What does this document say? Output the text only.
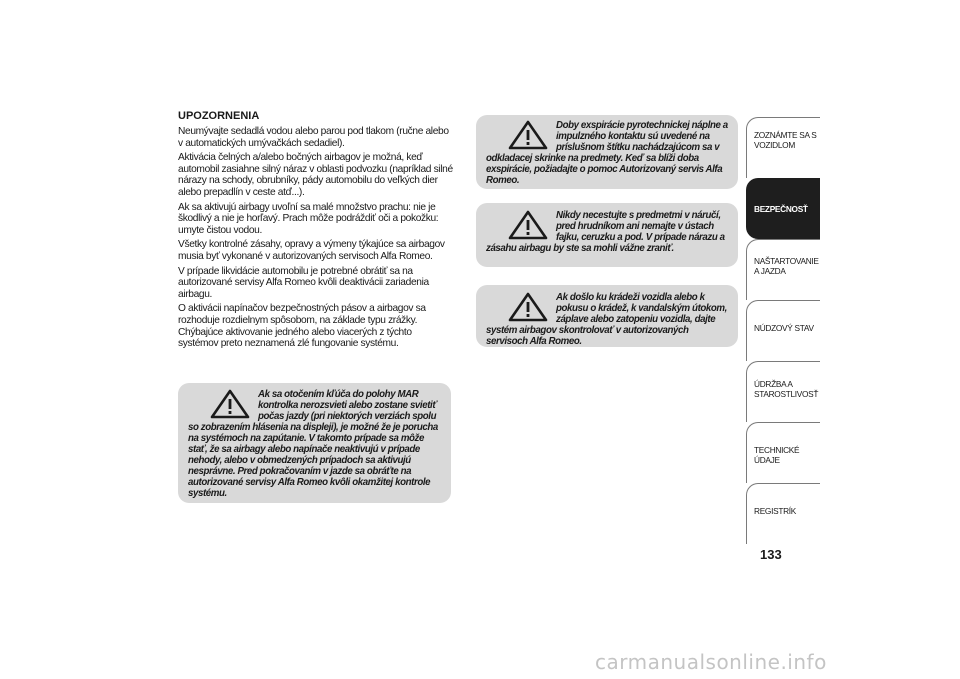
UPOZORNENIA

Neumývajte sedadlá vodou alebo parou pod tlakom (ručne alebo v automatických umývačkách sedadiel).

Aktivácia čelných a/alebo bočných airbagov je možná, keď automobil zasiahne silný náraz v oblasti podvozku (napríklad silné nárazy na schody, obrubníky, pády automobilu do veľkých dier alebo prepadlín v ceste atď...).

Ak sa aktivujú airbagy uvoľní sa malé množstvo prachu: nie je škodlivý a nie je horľavý. Prach môže podráždiť oči a pokožku: umyte čistou vodou.

Všetky kontrolné zásahy, opravy a výmeny týkajúce sa airbagov musia byť vykonané v autorizovaných servisoch Alfa Romeo.

V prípade likvidácie automobilu je potrebné obrátiť sa na autorizované servisy Alfa Romeo kvôli deaktivácii zariadenia airbagu.

O aktivácii napínačov bezpečnostných pásov a airbagov sa rozhoduje rozdielnym spôsobom, na základe typu zrážky. Chýbajúce aktivovanie jedného alebo viacerých z týchto systémov preto neznamená zlé fungovanie systému.

Ak sa otočením kľúča do polohy MAR kontrolka nerozsvieti alebo zostane svietiť počas jazdy (pri niektorých verziách spolu so zobrazením hlásenia na displeji), je možné že je porucha na systémoch na zapútanie. V takomto prípade sa môže stať, že sa airbagy alebo napínače neaktivujú v prípade nehody, alebo v obmedzených prípadoch sa aktivujú nesprávne. Pred pokračovaním v jazde sa obráťte na autorizované servisy Alfa Romeo kvôli okamžitej kontrole systému.

Doby exspirácie pyrotechnickej náplne a impulzného kontaktu sú uvedené na príslušnom štítku nachádzajúcom sa v odkladacej skrinke na predmety. Keď sa blíži doba exspirácie, požiadajte o pomoc Autorizovaný servis Alfa Romeo.

Nikdy necestujte s predmetmi v náručí, pred hrudníkom ani nemajte v ústach fajku, ceruzku a pod. V prípade nárazu a zásahu airbagu by ste sa mohli vážne zraniť.

Ak došlo ku krádeži vozidla alebo k pokusu o krádež, k vandalským útokom, záplave alebo zatopeniu vozidla, dajte systém airbagov skontrolovať v autorizovaných servisoch Alfa Romeo.

ZOZNÁMTE SA S VOZIDLOM
BEZPEČNOSŤ
NAŠTARTOVANIE A JAZDA
NÚDZOVÝ STAV
ÚDRŽBA A STAROSTLIVOSŤ
TECHNICKÉ ÚDAJE
REGISTRÍK
133
carmanualsonline.info
